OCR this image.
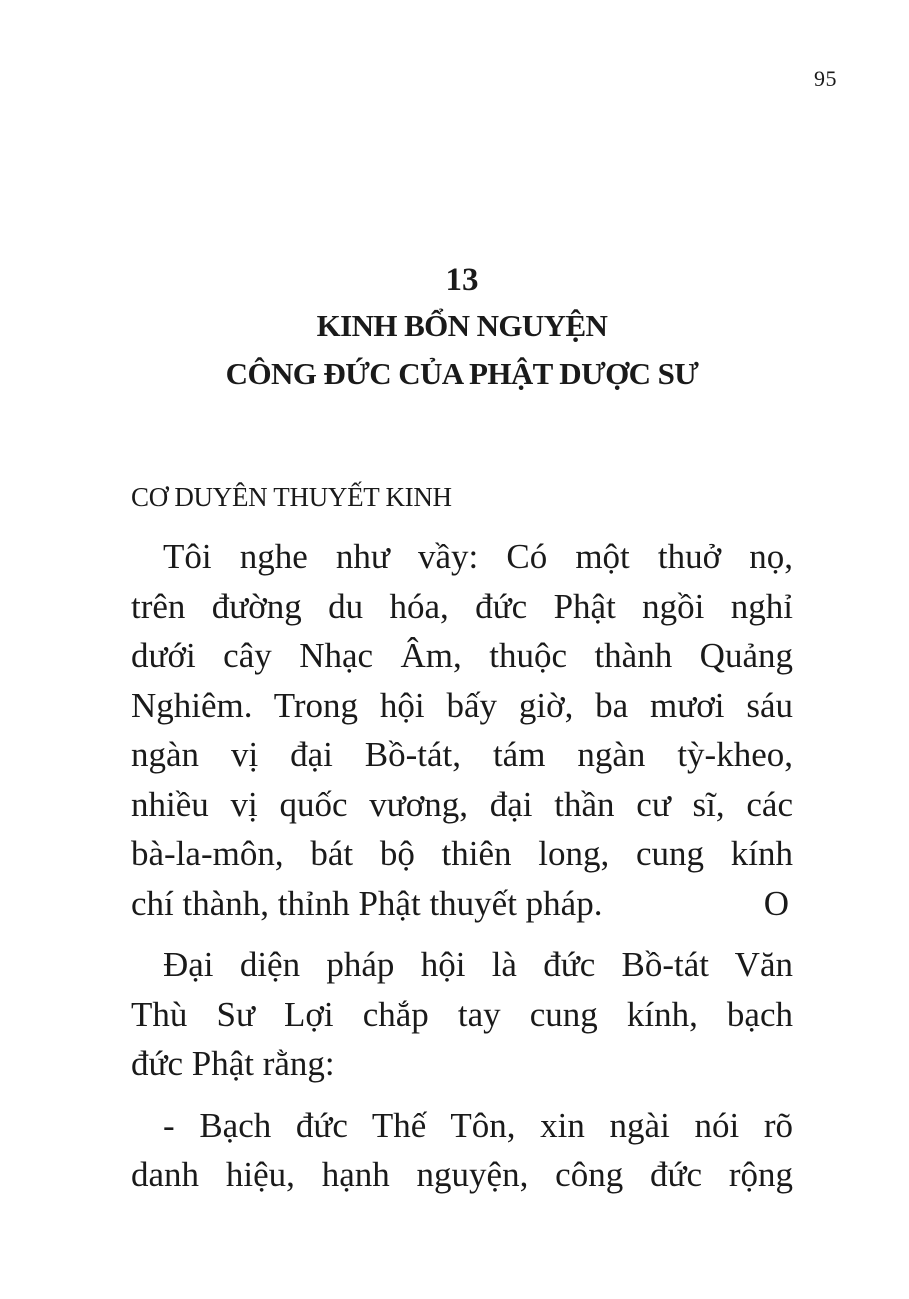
95
13
KINH BỔN NGUYỆN
CÔNG ĐỨC CỦA PHẬT DƯỢC SƯ
CƠ DUYÊN THUYẾT KINH
Tôi nghe như vầy: Có một thuở nọ,
trên đường du hóa, đức Phật ngồi nghỉ
dưới cây Nhạc Âm, thuộc thành Quảng
Nghiêm. Trong hội bấy giờ, ba mươi sáu
ngàn vị đại Bồ-tát, tám ngàn tỳ-kheo,
nhiều vị quốc vương, đại thần cư sĩ, các
bà-la-môn, bát bộ thiên long, cung kính
chí thành, thỉnh Phật thuyết pháp.	O
Đại diện pháp hội là đức Bồ-tát Văn
Thù Sư Lợi chắp tay cung kính, bạch
đức Phật rằng:
- Bạch đức Thế Tôn, xin ngài nói rõ
danh hiệu, hạnh nguyện, công đức rộng
